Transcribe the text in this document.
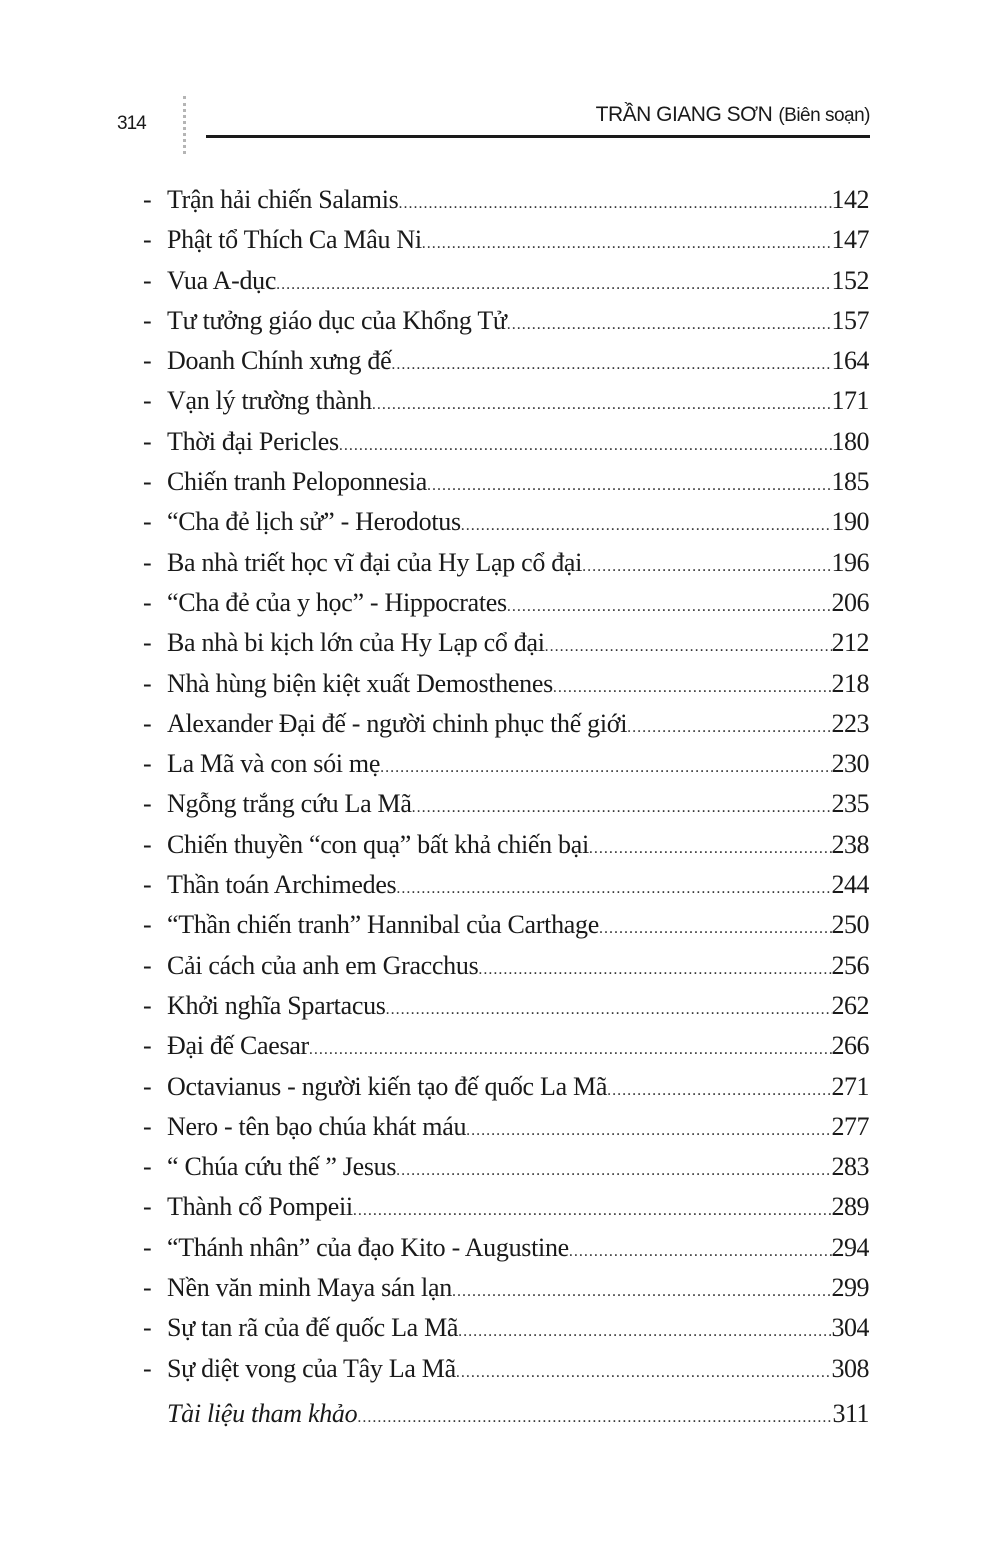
314	TRẦN GIANG SƠN (Biên soạn)
- Trận hải chiến Salamis .....	142
- Phật tổ Thích Ca Mâu Ni .....	147
- Vua A-dục .....	152
- Tư tưởng giáo dục của Khổng Tử .....	157
- Doanh Chính xưng đế .....	164
- Vạn lý trường thành .....	171
- Thời đại Pericles .....	180
- Chiến tranh Peloponnesia .....	185
- “Cha đẻ lịch sử” - Herodotus .....	190
- Ba nhà triết học vĩ đại của Hy Lạp cổ đại .....	196
- “Cha đẻ của y học” - Hippocrates .....	206
- Ba nhà bi kịch lớn của Hy Lạp cổ đại .....	212
- Nhà hùng biện kiệt xuất Demosthenes .....	218
- Alexander Đại đế - người chinh phục thế giới .....	223
- La Mã và con sói mẹ .....	230
- Ngỗng trắng cứu La Mã .....	235
- Chiến thuyền “con quạ” bất khả chiến bại .....	238
- Thần toán Archimedes .....	244
- “Thần chiến tranh” Hannibal của Carthage .....	250
- Cải cách của anh em Gracchus .....	256
- Khởi nghĩa Spartacus .....	262
- Đại đế Caesar .....	266
- Octavianus - người kiến tạo đế quốc La Mã .....	271
- Nero - tên bạo chúa khát máu .....	277
- “ Chúa cứu thế ” Jesus .....	283
- Thành cổ Pompeii .....	289
- “Thánh nhân” của đạo Kito - Augustine .....	294
- Nền văn minh Maya sán lạn .....	299
- Sự tan rã của đế quốc La Mã .....	304
- Sự diệt vong của Tây La Mã .....	308
Tài liệu tham khảo .....	311
